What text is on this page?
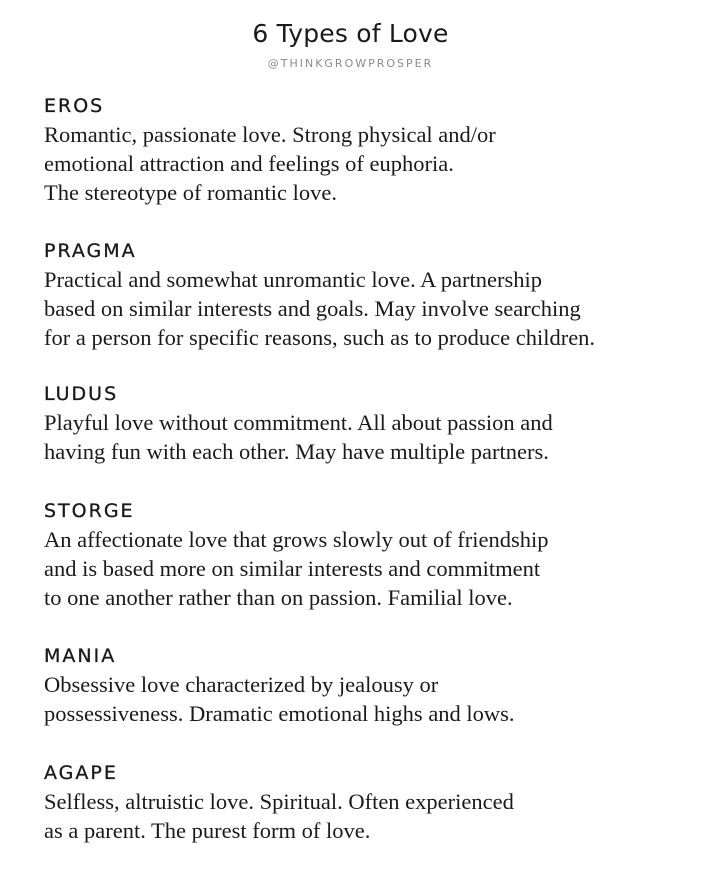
6 Types of Love
@THINKGROWPROSPER
EROS

Romantic, passionate love. Strong physical and/or
emotional attraction and feelings of euphoria.
The stereotype of romantic love.

PRAGMA

Practical and somewhat unromantic love. A partnership
based on similar interests and goals. May involve searching
for a person for specific reasons, such as to produce children.

LUDUS

Playful love without commitment. All about passion and
having fun with each other. May have multiple partners.

STORGE

An affectionate love that grows slowly out of friendship
and is based more on similar interests and commitment
to one another rather than on passion. Familial love.

MANIA

Obsessive love characterized by jealousy or
possessiveness. Dramatic emotional highs and lows.

AGAPE

Selfless, altruistic love. Spiritual. Often experienced
as a parent. The purest form of love.
